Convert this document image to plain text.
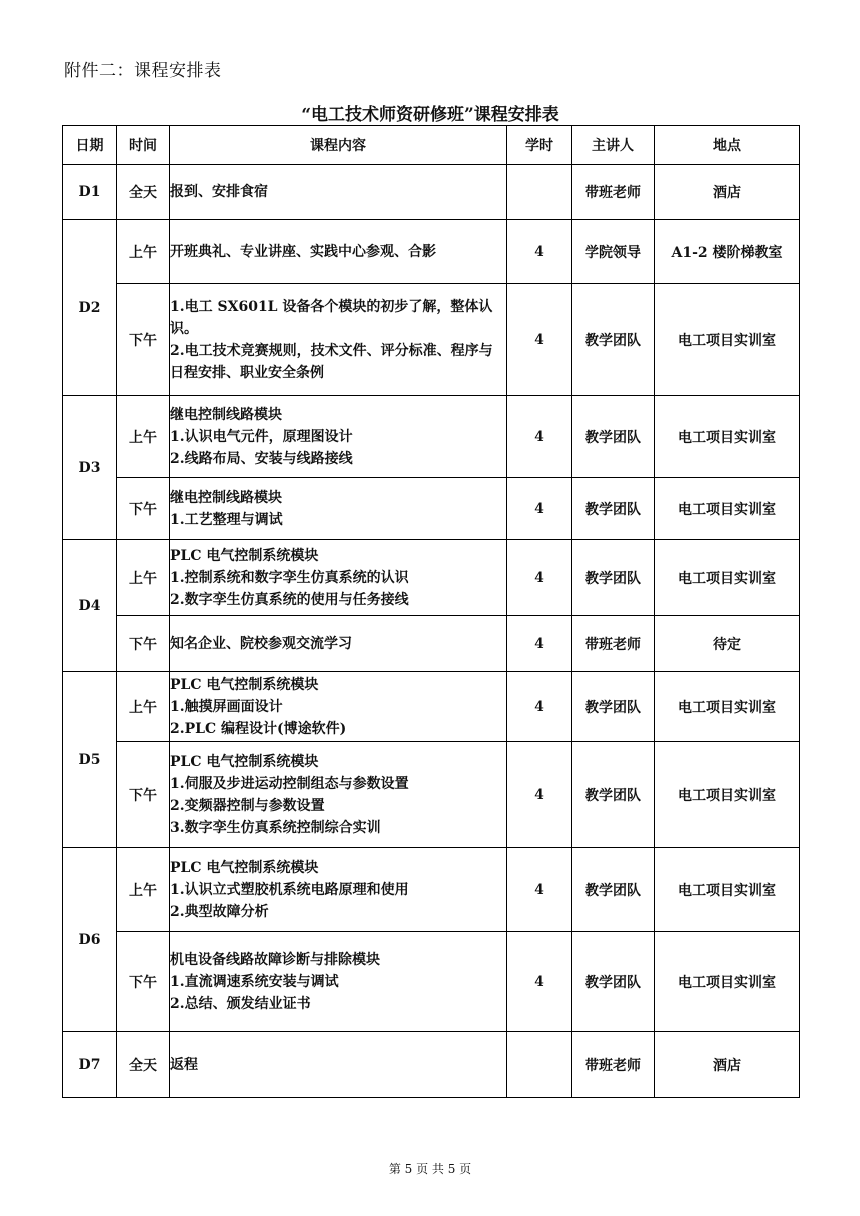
附件二：课程安排表
“电工技术师资研修班”课程安排表
日期	时间	课程内容	学时	主讲人	地点
D1	全天	报到、安排食宿		带班老师	酒店
D2	上午	开班典礼、专业讲座、实践中心参观、合影	4	学院领导	A1-2 楼阶梯教室
	下午	1.电工 SX601L 设备各个模块的初步了解，整体认识。
2.电工技术竞赛规则，技术文件、评分标准、程序与日程安排、职业安全条例	4	教学团队	电工项目实训室
D3	上午	继电控制线路模块
1.认识电气元件，原理图设计
2.线路布局、安装与线路接线	4	教学团队	电工项目实训室
	下午	继电控制线路模块
1.工艺整理与调试	4	教学团队	电工项目实训室
D4	上午	PLC 电气控制系统模块
1.控制系统和数字孪生仿真系统的认识
2.数字孪生仿真系统的使用与任务接线	4	教学团队	电工项目实训室
	下午	知名企业、院校参观交流学习	4	带班老师	待定
D5	上午	PLC 电气控制系统模块
1.触摸屏画面设计
2.PLC 编程设计(博途软件)	4	教学团队	电工项目实训室
	下午	PLC 电气控制系统模块
1.伺服及步进运动控制组态与参数设置
2.变频器控制与参数设置
3.数字孪生仿真系统控制综合实训	4	教学团队	电工项目实训室
D6	上午	PLC 电气控制系统模块
1.认识立式塑胶机系统电路原理和使用
2.典型故障分析	4	教学团队	电工项目实训室
	下午	机电设备线路故障诊断与排除模块
1.直流调速系统安装与调试
2.总结、颁发结业证书	4	教学团队	电工项目实训室
D7	全天	返程		带班老师	酒店
第 5 页 共 5 页
